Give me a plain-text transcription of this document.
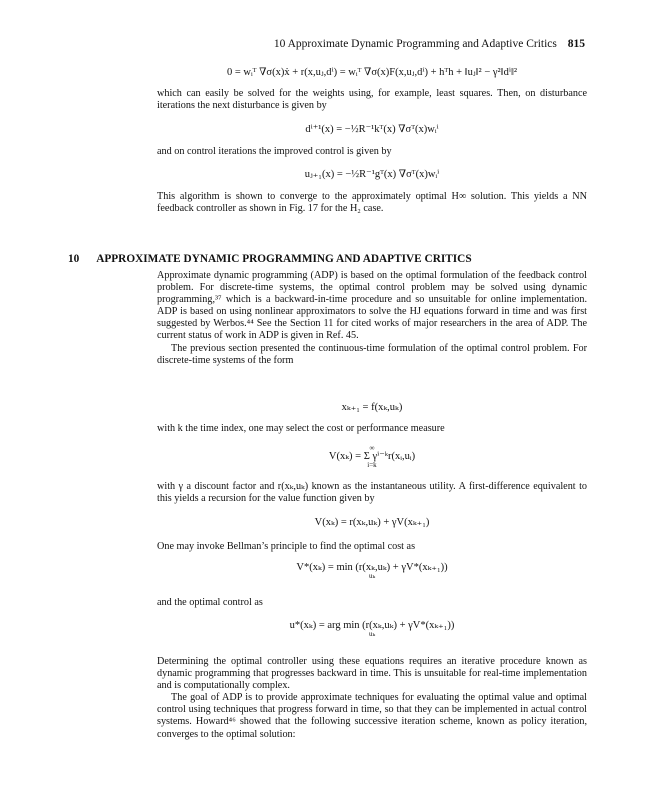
10 Approximate Dynamic Programming and Adaptive Critics 815
0 = wᵢᵀ ∇σ(x)ẋ + r(x,uⱼ,dⁱ) = wᵢᵀ ∇σ(x)F(x,uⱼ,dⁱ) + hᵀh + ‖uⱼ‖² − γ²‖dⁱ‖²

which can easily be solved for the weights using, for example, least squares. Then, on disturbance iterations the next disturbance is given by

dⁱ⁺¹(x) = −½R⁻¹kᵀ(x) ∇σᵀ(x)wᵢⁱ

and on control iterations the improved control is given by

uⱼ₊₁(x) = −½R⁻¹gᵀ(x) ∇σᵀ(x)wᵢⁱ

This algorithm is shown to converge to the approximately optimal H∞ solution. This yields a NN feedback controller as shown in Fig. 17 for the H₂ case.

10 APPROXIMATE DYNAMIC PROGRAMMING AND ADAPTIVE CRITICS

Approximate dynamic programming (ADP) is based on the optimal formulation of the feedback control problem. For discrete-time systems, the optimal control problem may be solved using dynamic programming,³⁷ which is a backward-in-time procedure and so unsuitable for online implementation. ADP is based on using nonlinear approximators to solve the HJ equations forward in time and was first suggested by Werbos.⁴⁴ See the Section 11 for cited works of major researchers in the area of ADP. The current status of work in ADP is given in Ref. 45.

The previous section presented the continuous-time formulation of the optimal control problem. For discrete-time systems of the form

xₖ₊₁ = f(xₖ,uₖ)

with k the time index, one may select the cost or performance measure

∞
V(xₖ) = Σ γⁱ⁻ᵏr(xᵢ,uᵢ)
i=k

with γ a discount factor and r(xₖ,uₖ) known as the instantaneous utility. A first-difference equivalent to this yields a recursion for the value function given by

V(xₖ) = r(xₖ,uₖ) + γV(xₖ₊₁)

One may invoke Bellman’s principle to find the optimal cost as

V*(xₖ) = min (r(xₖ,uₖ) + γV*(xₖ₊₁))
uₖ

and the optimal control as

u*(xₖ) = arg min (r(xₖ,uₖ) + γV*(xₖ₊₁))
uₖ

Determining the optimal controller using these equations requires an iterative procedure known as dynamic programming that progresses backward in time. This is unsuitable for real-time implementation and is computationally complex.

The goal of ADP is to provide approximate techniques for evaluating the optimal value and optimal control using techniques that progress forward in time, so that they can be implemented in actual control systems. Howard⁴⁶ showed that the following successive iteration scheme, known as policy iteration, converges to the optimal solution:
